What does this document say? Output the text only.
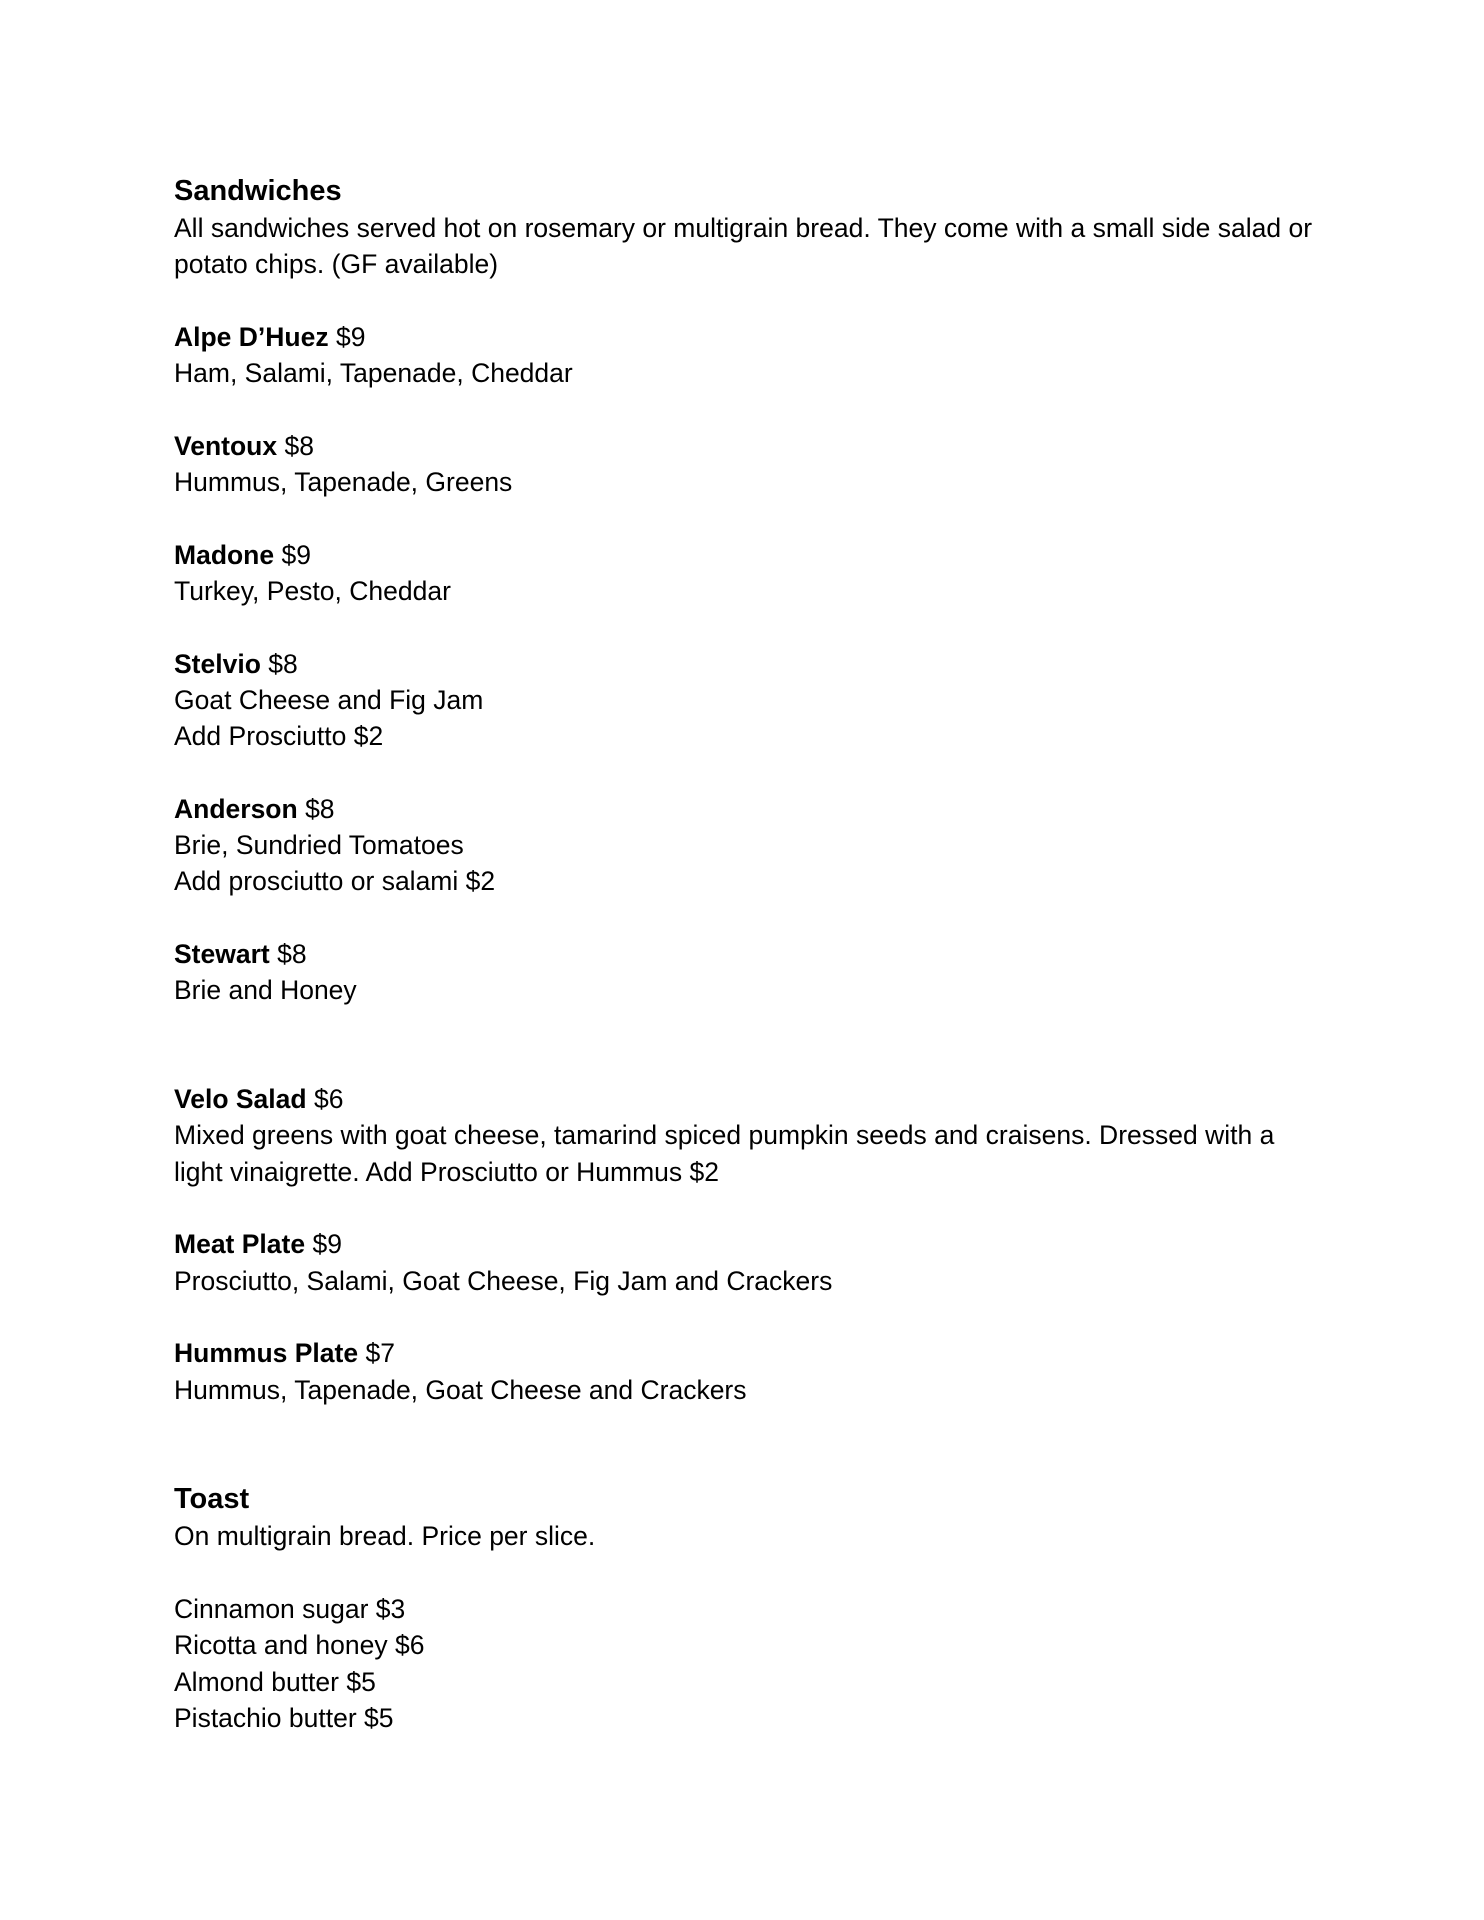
Sandwiches

All sandwiches served hot on rosemary or multigrain bread. They come with a small side salad or potato chips. (GF available)

Alpe D’Huez $9

Ham, Salami, Tapenade, Cheddar

Ventoux $8

Hummus, Tapenade, Greens

Madone $9

Turkey, Pesto, Cheddar

Stelvio $8

Goat Cheese and Fig Jam

Add Prosciutto $2

Anderson $8

Brie, Sundried Tomatoes

Add prosciutto or salami $2

Stewart $8

Brie and Honey

Velo Salad $6

Mixed greens with goat cheese, tamarind spiced pumpkin seeds and craisens. Dressed with a light vinaigrette. Add Prosciutto or Hummus $2

Meat Plate $9

Prosciutto, Salami, Goat Cheese, Fig Jam and Crackers

Hummus Plate $7

Hummus, Tapenade, Goat Cheese and Crackers

Toast

On multigrain bread. Price per slice.

Cinnamon sugar $3

Ricotta and honey $6

Almond butter $5

Pistachio butter $5
